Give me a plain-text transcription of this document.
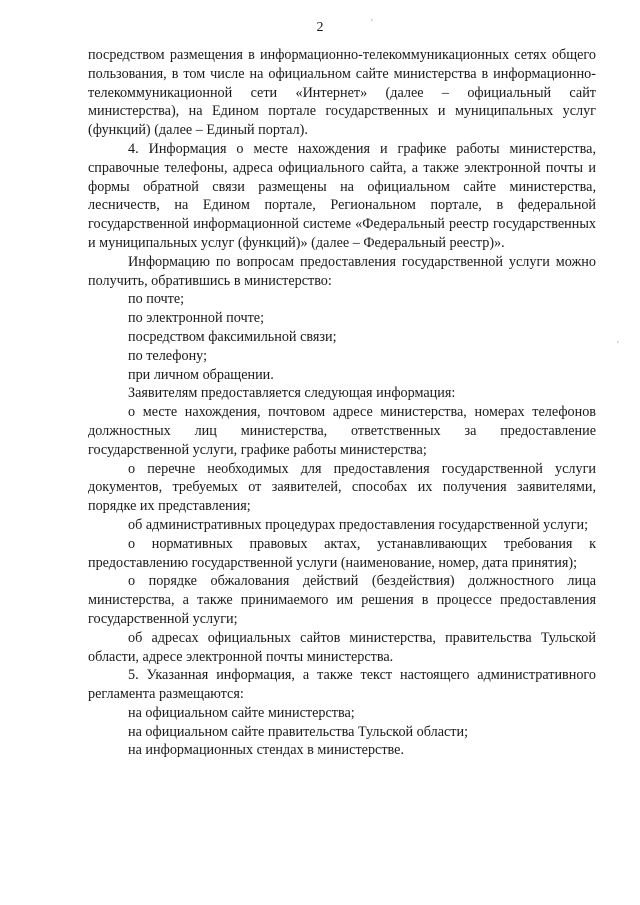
2	'
'

посредством размещения в информационно-телекоммуникационных сетях общего пользования, в том числе на официальном сайте министерства в информационно-телекоммуникационной сети «Интернет» (далее – официальный сайт министерства), на Едином портале государственных и муниципальных услуг (функций) (далее – Единый портал).

4. Информация о месте нахождения и графике работы министерства, справочные телефоны, адреса официального сайта, а также электронной почты и формы обратной связи размещены на официальном сайте министерства, лесничеств, на Едином портале, Региональном портале, в федеральной государственной информационной системе «Федеральный реестр государственных и муниципальных услуг (функций)» (далее – Федеральный реестр)».

Информацию по вопросам предоставления государственной услуги можно получить, обратившись в министерство:

по почте;

по электронной почте;

посредством факсимильной связи;

по телефону;

при личном обращении.

Заявителям предоставляется следующая информация:

о месте нахождения, почтовом адресе министерства, номерах телефонов должностных лиц министерства, ответственных за предоставление государственной услуги, графике работы министерства;

о перечне необходимых для предоставления государственной услуги документов, требуемых от заявителей, способах их получения заявителями, порядке их представления;

об административных процедурах предоставления государственной услуги;

о нормативных правовых актах, устанавливающих требования к предоставлению государственной услуги (наименование, номер, дата принятия);

о порядке обжалования действий (бездействия) должностного лица министерства, а также принимаемого им решения в процессе предоставления государственной услуги;

об адресах официальных сайтов министерства, правительства Тульской области, адресе электронной почты министерства.

5. Указанная информация, а также текст настоящего административного регламента размещаются:

на официальном сайте министерства;

на официальном сайте правительства Тульской области;

на информационных стендах в министерстве.
